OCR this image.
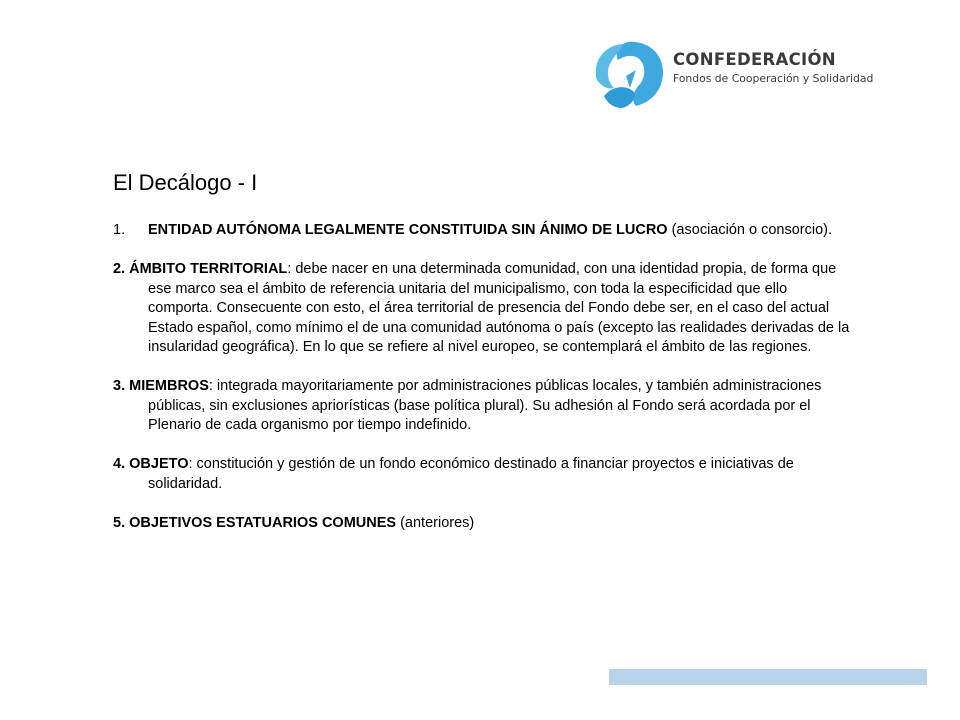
CONFEDERACIÓN
Fondos de Cooperación y Solidaridad
El Decálogo - I

1. ENTIDAD AUTÓNOMA LEGALMENTE CONSTITUIDA SIN ÁNIMO DE LUCRO (asociación o consorcio).

2. ÁMBITO TERRITORIAL: debe nacer en una determinada comunidad, con una identidad propia, de forma que ese marco sea el ámbito de referencia unitaria del municipalismo, con toda la especificidad que ello comporta. Consecuente con esto, el área territorial de presencia del Fondo debe ser, en el caso del actual Estado español, como mínimo el de una comunidad autónoma o país (excepto las realidades derivadas de la insularidad geográfica). En lo que se refiere al nivel europeo, se contemplará el ámbito de las regiones.

3. MIEMBROS: integrada mayoritariamente por administraciones públicas locales, y también administraciones públicas, sin exclusiones apriorísticas (base política plural). Su adhesión al Fondo será acordada por el Plenario de cada organismo por tiempo indefinido.

4. OBJETO: constitución y gestión de un fondo económico destinado a financiar proyectos e iniciativas de solidaridad.

5. OBJETIVOS ESTATUARIOS COMUNES (anteriores)
